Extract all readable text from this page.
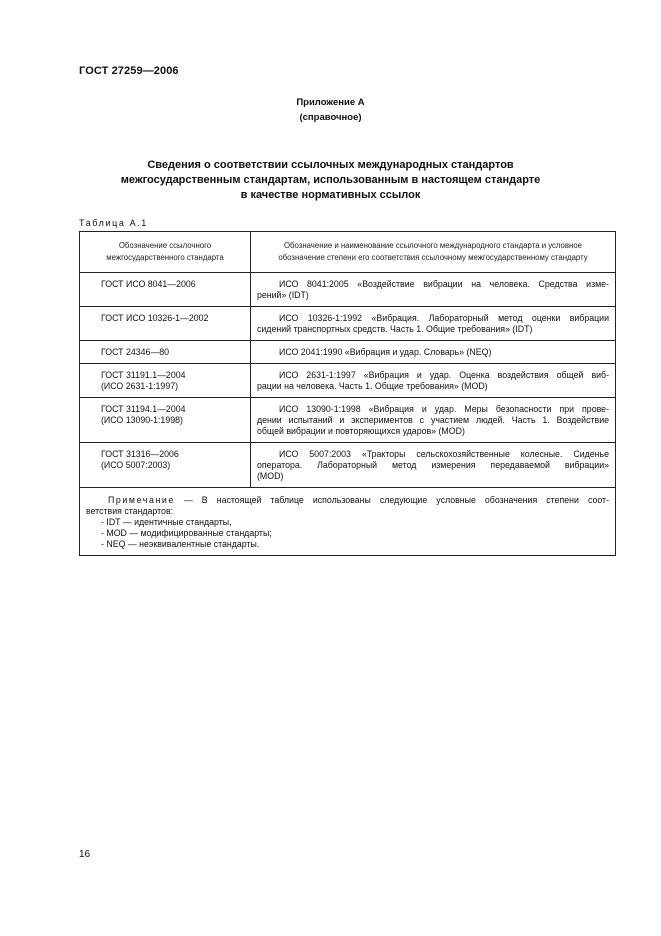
ГОСТ 27259—2006
Приложение А
(справочное)
Сведения о соответствии ссылочных международных стандартов
межгосударственным стандартам, использованным в настоящем стандарте
в качестве нормативных ссылок
Таблица А.1
Обозначение ссылочного
межгосударственного стандарта	Обозначение и наименование ссылочного международного стандарта и условное
обозначение степени его соответствия ссылочному межгосударственному стандарту

ГОСТ ИСО 8041—2006	ИСО 8041:2005 «Воздействие вибрации на человека. Средства изме-
рений» (IDT)

ГОСТ ИСО 10326-1—2002	ИСО 10326-1:1992 «Вибрация. Лабораторный метод оценки вибрации
сидений транспортных средств. Часть 1. Общие требования» (IDT)

ГОСТ 24346—80	ИСО 2041:1990 «Вибрация и удар. Словарь» (NEQ)

ГОСТ 31191.1—2004
(ИСО 2631-1:1997)	ИСО 2631-1:1997 «Вибрация и удар. Оценка воздействия общей виб-
рации на человека. Часть 1. Общие требования» (MOD)

ГОСТ 31194.1—2004
(ИСО 13090-1:1998)	ИСО 13090-1:1998 «Вибрация и удар. Меры безопасности при прове-
дении испытаний и экспериментов с участием людей. Часть 1. Воздействие
общей вибрации и повторяющихся ударов» (MOD)

ГОСТ 31316—2006
(ИСО 5007:2003)	ИСО 5007:2003 «Тракторы сельскохозяйственные колесные. Сиденье
оператора. Лабораторный метод измерения передаваемой вибрации»
(MOD)

Примечание — В настоящей таблице использованы следующие условные обозначения степени соот-
ветствия стандартов:
- IDT — идентичные стандарты,
- MOD — модифицированные стандарты;
- NEQ — неэквивалентные стандарты.	
16
